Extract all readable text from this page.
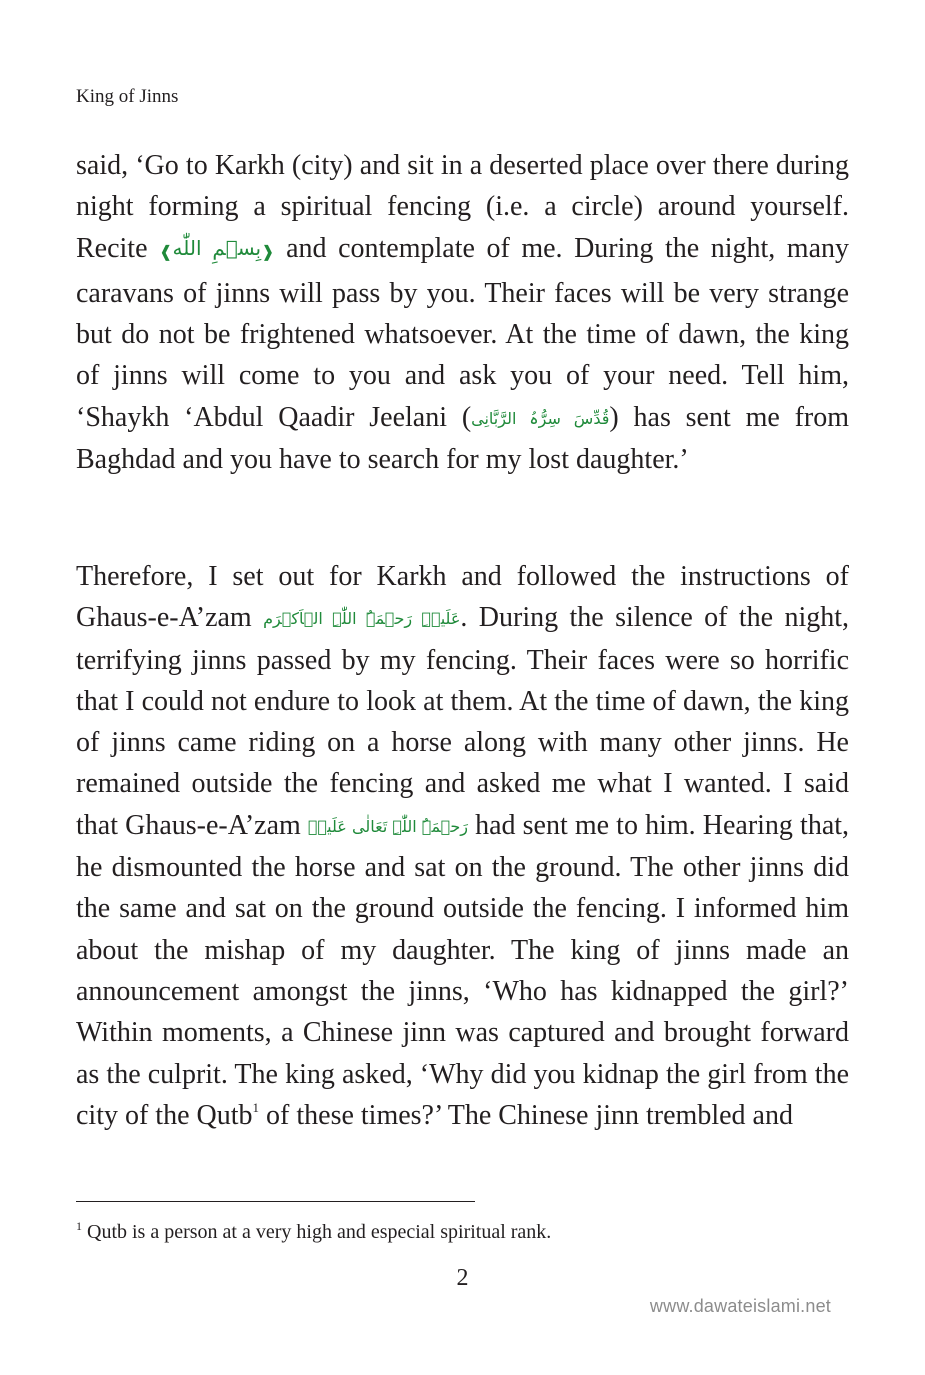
King of Jinns

said, ‘Go to Karkh (city) and sit in a deserted place over there during night forming a spiritual fencing (i.e. a circle) around yourself. Recite ❰بِسۡمِ اللّٰه❱ and contemplate of me. During the night, many caravans of jinns will pass by you. Their faces will be very strange but do not be frightened whatsoever. At the time of dawn, the king of jinns will come to you and ask you of your need. Tell him, ‘Shaykh ‘Abdul Qaadir Jeelani (قُدِّسَ سِرُّہُ الرَّبَّانِی) has sent me from Baghdad and you have to search for my lost daughter.’

Therefore, I set out for Karkh and followed the instructions of Ghaus-e-A’zam عَلَیۡہِ رَحۡمَۃُ اللّٰہِ الۡاَکۡرَم. During the silence of the night, terrifying jinns passed by my fencing. Their faces were so horrific that I could not endure to look at them. At the time of dawn, the king of jinns came riding on a horse along with many other jinns. He remained outside the fencing and asked me what I wanted. I said that Ghaus-e-A’zam رَحۡمَۃُ اللّٰہِ تَعَالٰی عَلَیۡہ had sent me to him. Hearing that, he dismounted the horse and sat on the ground. The other jinns did the same and sat on the ground outside the fencing. I informed him about the mishap of my daughter. The king of jinns made an announcement amongst the jinns, ‘Who has kidnapped the girl?’ Within moments, a Chinese jinn was captured and brought forward as the culprit. The king asked, ‘Why did you kidnap the girl from the city of the Qutb$^1$ of these times?’ The Chinese jinn trembled and

$^1$ Qutb is a person at a very high and especial spiritual rank.
2
www.dawateislami.net
